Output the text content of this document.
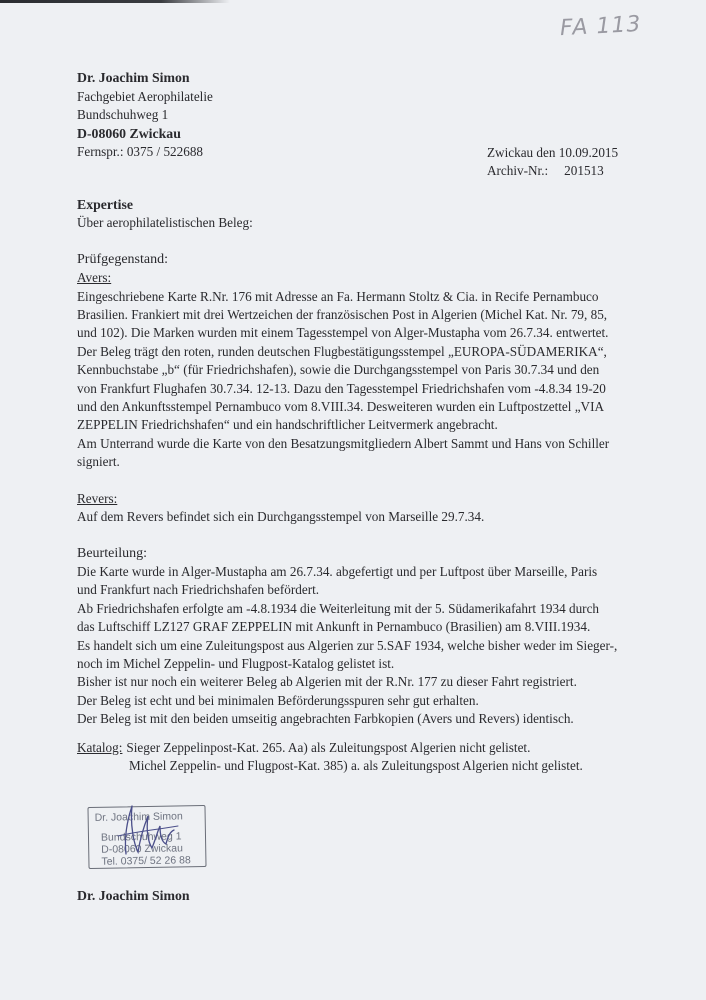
FA 113
Dr. Joachim Simon
Fachgebiet Aerophilatelie
Bundschuhweg 1
D-08060 Zwickau
Fernspr.: 0375 / 522688	Zwickau den 10.09.2015
Archiv-Nr.: 201513

Expertise

Über aerophilatelistischen Beleg:

Prüfgegenstand:

Avers:

Eingeschriebene Karte R.Nr. 176 mit Adresse an Fa. Hermann Stoltz & Cia. in Recife Pernambuco

Brasilien. Frankiert mit drei Wertzeichen der französischen Post in Algerien (Michel Kat. Nr. 79, 85,

und 102). Die Marken wurden mit einem Tagesstempel von Alger-Mustapha vom 26.7.34. entwertet.

Der Beleg trägt den roten, runden deutschen Flugbestätigungsstempel „EUROPA-SÜDAMERIKA“,

Kennbuchstabe „b“ (für Friedrichshafen), sowie die Durchgangsstempel von Paris 30.7.34 und den

von Frankfurt Flughafen 30.7.34. 12-13. Dazu den Tagesstempel Friedrichshafen vom -4.8.34 19-20

und den Ankunftsstempel Pernambuco vom 8.VIII.34. Desweiteren wurden ein Luftpostzettel „VIA

ZEPPELIN Friedrichshafen“ und ein handschriftlicher Leitvermerk angebracht.

Am Unterrand wurde die Karte von den Besatzungsmitgliedern Albert Sammt und Hans von Schiller

signiert.

Revers:

Auf dem Revers befindet sich ein Durchgangsstempel von Marseille 29.7.34.

Beurteilung:

Die Karte wurde in Alger-Mustapha am 26.7.34. abgefertigt und per Luftpost über Marseille, Paris

und Frankfurt nach Friedrichshafen befördert.

Ab Friedrichshafen erfolgte am -4.8.1934 die Weiterleitung mit der 5. Südamerikafahrt 1934 durch

das Luftschiff LZ127 GRAF ZEPPELIN mit Ankunft in Pernambuco (Brasilien) am 8.VIII.1934.

Es handelt sich um eine Zuleitungspost aus Algerien zur 5.SAF 1934, welche bisher weder im Sieger-,

noch im Michel Zeppelin- und Flugpost-Katalog gelistet ist.

Bisher ist nur noch ein weiterer Beleg ab Algerien mit der R.Nr. 177 zu dieser Fahrt registriert.

Der Beleg ist echt und bei minimalen Beförderungsspuren sehr gut erhalten.

Der Beleg ist mit den beiden umseitig angebrachten Farbkopien (Avers und Revers) identisch.

Katalog: Sieger Zeppelinpost-Kat. 265. Aa) als Zuleitungspost Algerien nicht gelistet.

Michel Zeppelin- und Flugpost-Kat. 385) a. als Zuleitungspost Algerien nicht gelistet.

Dr. Joachim Simon
Bundschuhweg 1
D-08060 Zwickau
Tel. 0375/ 52 26 88
Dr. Joachim Simon
